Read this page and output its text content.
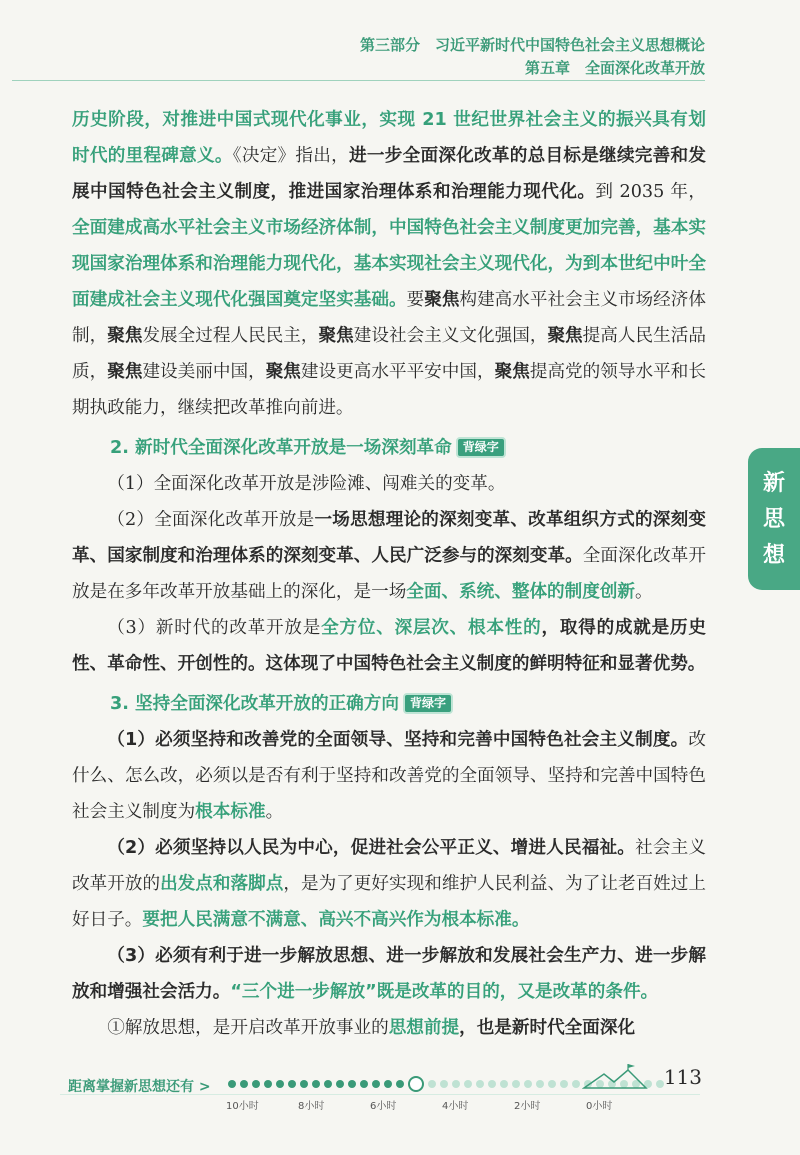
第三部分　习近平新时代中国特色社会主义思想概论
第五章　全面深化改革开放

历史阶段，对推进中国式现代化事业，实现 21 世纪世界社会主义的振兴具有划时代的里程碑意义。《决定》指出，进一步全面深化改革的总目标是继续完善和发展中国特色社会主义制度，推进国家治理体系和治理能力现代化。到 2035 年，全面建成高水平社会主义市场经济体制，中国特色社会主义制度更加完善，基本实现国家治理体系和治理能力现代化，基本实现社会主义现代化，为到本世纪中叶全面建成社会主义现代化强国奠定坚实基础。要聚焦构建高水平社会主义市场经济体制，聚焦发展全过程人民民主，聚焦建设社会主义文化强国，聚焦提高人民生活品质，聚焦建设美丽中国，聚焦建设更高水平平安中国，聚焦提高党的领导水平和长期执政能力，继续把改革推向前进。

2. 新时代全面深化改革开放是一场深刻革命 背绿字

（1）全面深化改革开放是涉险滩、闯难关的变革。

（2）全面深化改革开放是一场思想理论的深刻变革、改革组织方式的深刻变革、国家制度和治理体系的深刻变革、人民广泛参与的深刻变革。全面深化改革开放是在多年改革开放基础上的深化，是一场全面、系统、整体的制度创新。

（3）新时代的改革开放是全方位、深层次、根本性的，取得的成就是历史性、革命性、开创性的。这体现了中国特色社会主义制度的鲜明特征和显著优势。

3. 坚持全面深化改革开放的正确方向 背绿字

（1）必须坚持和改善党的全面领导、坚持和完善中国特色社会主义制度。改什么、怎么改，必须以是否有利于坚持和改善党的全面领导、坚持和完善中国特色社会主义制度为根本标准。

（2）必须坚持以人民为中心，促进社会公平正义、增进人民福祉。社会主义改革开放的出发点和落脚点，是为了更好实现和维护人民利益、为了让老百姓过上好日子。要把人民满意不满意、高兴不高兴作为根本标准。

（3）必须有利于进一步解放思想、进一步解放和发展社会生产力、进一步解放和增强社会活力。“三个进一步解放”既是改革的目的，又是改革的条件。

①解放思想，是开启改革开放事业的思想前提，也是新时代全面深化

新
思
想
距离掌握新思想还有 >
10小时	8小时	6小时	4小时	2小时	0小时
113
